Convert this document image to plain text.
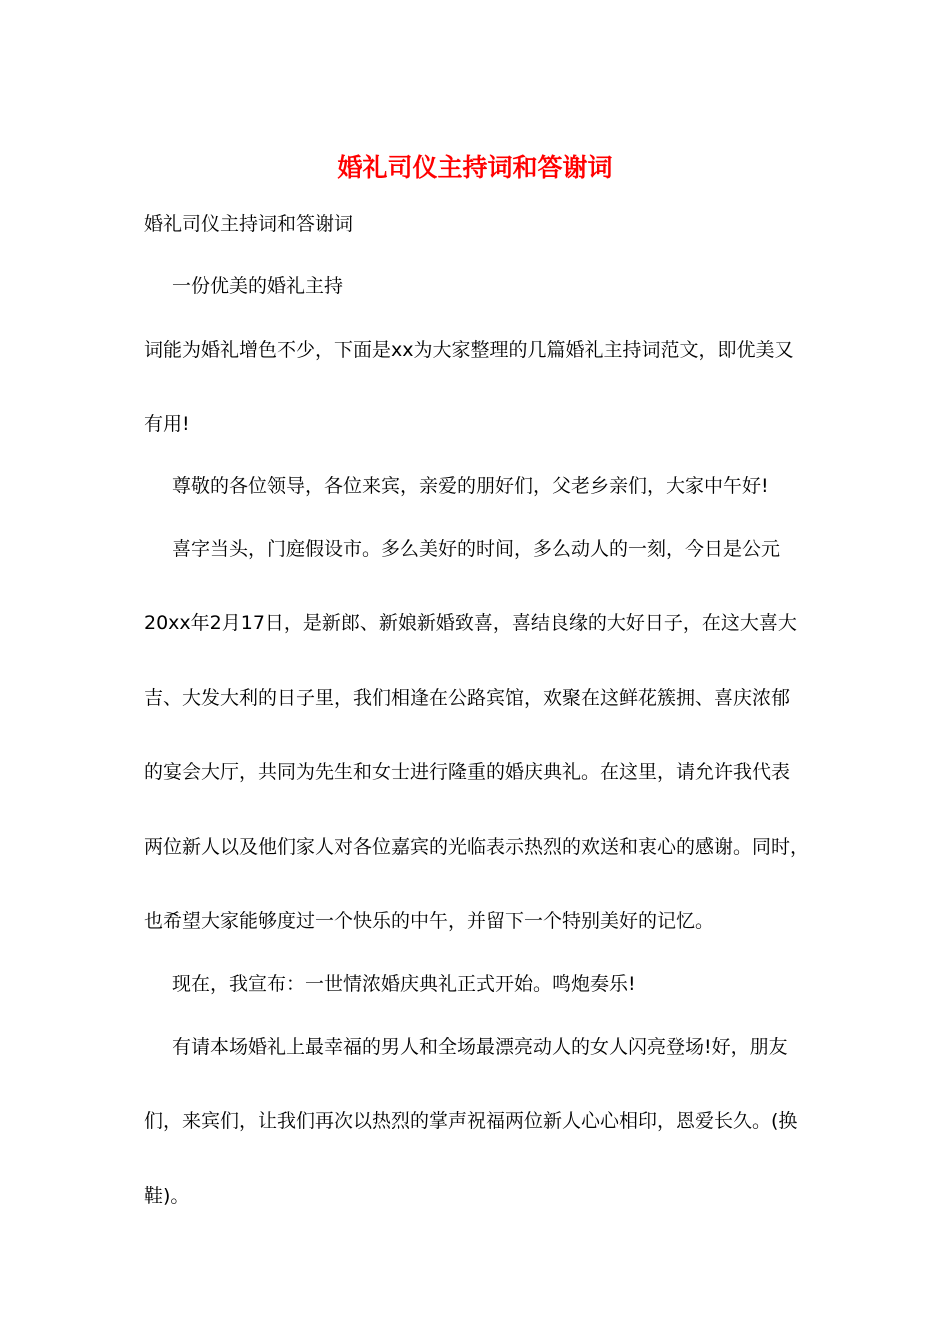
婚礼司仪主持词和答谢词
婚礼司仪主持词和答谢词
一份优美的婚礼主持
词能为婚礼增色不少，下面是xx为大家整理的几篇婚礼主持词范文，即优美又
有用!
尊敬的各位领导，各位来宾，亲爱的朋好们，父老乡亲们，大家中午好!
喜字当头，门庭假设市。多么美好的时间，多么动人的一刻，今日是公元
20xx年2月17日，是新郎、新娘新婚致喜，喜结良缘的大好日子，在这大喜大
吉、大发大利的日子里，我们相逢在公路宾馆，欢聚在这鲜花簇拥、喜庆浓郁
的宴会大厅，共同为先生和女士进行隆重的婚庆典礼。在这里，请允许我代表
两位新人以及他们家人对各位嘉宾的光临表示热烈的欢送和衷心的感谢。同时，
也希望大家能够度过一个快乐的中午，并留下一个特别美好的记忆。
现在，我宣布：一世情浓婚庆典礼正式开始。鸣炮奏乐!
有请本场婚礼上最幸福的男人和全场最漂亮动人的女人闪亮登场!好，朋友
们，来宾们，让我们再次以热烈的掌声祝福两位新人心心相印，恩爱长久。(换
鞋)。
